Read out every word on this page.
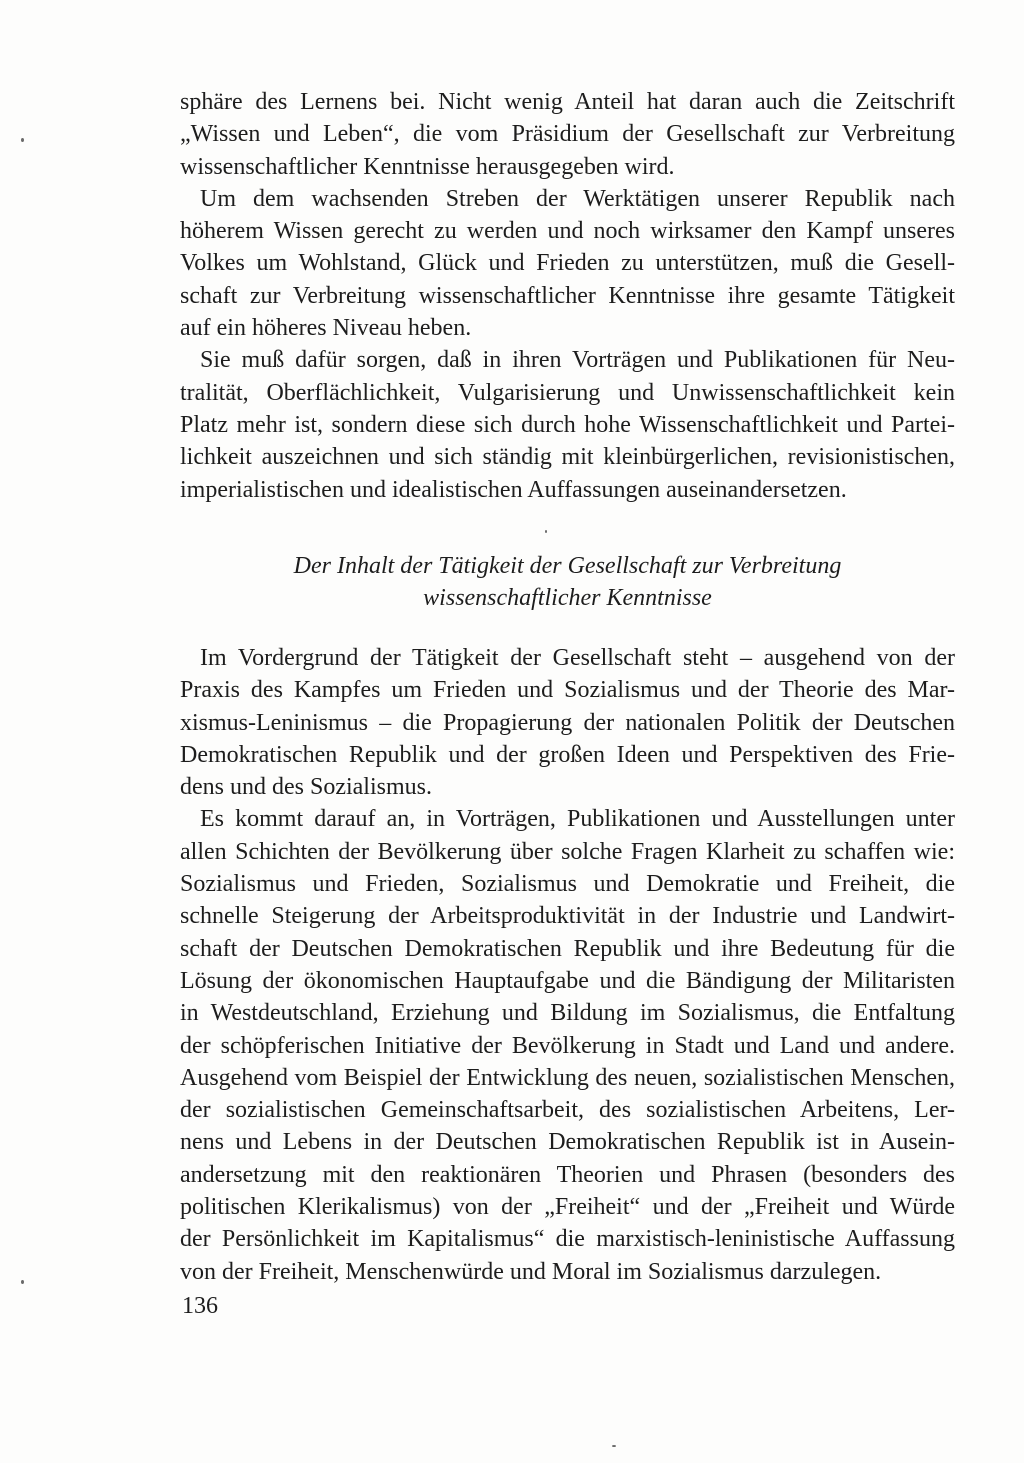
sphäre des Lernens bei. Nicht wenig Anteil hat daran auch die Zeitschrift
„Wissen und Leben“, die vom Präsidium der Gesellschaft zur Verbreitung
wissenschaftlicher Kenntnisse herausgegeben wird.
Um dem wachsenden Streben der Werktätigen unserer Republik nach
höherem Wissen gerecht zu werden und noch wirksamer den Kampf unseres
Volkes um Wohlstand, Glück und Frieden zu unterstützen, muß die Gesell-
schaft zur Verbreitung wissenschaftlicher Kenntnisse ihre gesamte Tätigkeit
auf ein höheres Niveau heben.
Sie muß dafür sorgen, daß in ihren Vorträgen und Publikationen für Neu-
tralität, Oberflächlichkeit, Vulgarisierung und Unwissenschaftlichkeit kein
Platz mehr ist, sondern diese sich durch hohe Wissenschaftlichkeit und Partei-
lichkeit auszeichnen und sich ständig mit kleinbürgerlichen, revisionistischen,
imperialistischen und idealistischen Auffassungen auseinandersetzen.
Der Inhalt der Tätigkeit der Gesellschaft zur Verbreitung
wissenschaftlicher Kenntnisse
Im Vordergrund der Tätigkeit der Gesellschaft steht – ausgehend von der
Praxis des Kampfes um Frieden und Sozialismus und der Theorie des Mar-
xismus-Leninismus – die Propagierung der nationalen Politik der Deutschen
Demokratischen Republik und der großen Ideen und Perspektiven des Frie-
dens und des Sozialismus.
Es kommt darauf an, in Vorträgen, Publikationen und Ausstellungen unter
allen Schichten der Bevölkerung über solche Fragen Klarheit zu schaffen wie:
Sozialismus und Frieden, Sozialismus und Demokratie und Freiheit, die
schnelle Steigerung der Arbeitsproduktivität in der Industrie und Landwirt-
schaft der Deutschen Demokratischen Republik und ihre Bedeutung für die
Lösung der ökonomischen Hauptaufgabe und die Bändigung der Militaristen
in Westdeutschland, Erziehung und Bildung im Sozialismus, die Entfaltung
der schöpferischen Initiative der Bevölkerung in Stadt und Land und andere.
Ausgehend vom Beispiel der Entwicklung des neuen, sozialistischen Menschen,
der sozialistischen Gemeinschaftsarbeit, des sozialistischen Arbeitens, Ler-
nens und Lebens in der Deutschen Demokratischen Republik ist in Ausein-
andersetzung mit den reaktionären Theorien und Phrasen (besonders des
politischen Klerikalismus) von der „Freiheit“ und der „Freiheit und Würde
der Persönlichkeit im Kapitalismus“ die marxistisch-leninistische Auffassung
von der Freiheit, Menschenwürde und Moral im Sozialismus darzulegen.
136
